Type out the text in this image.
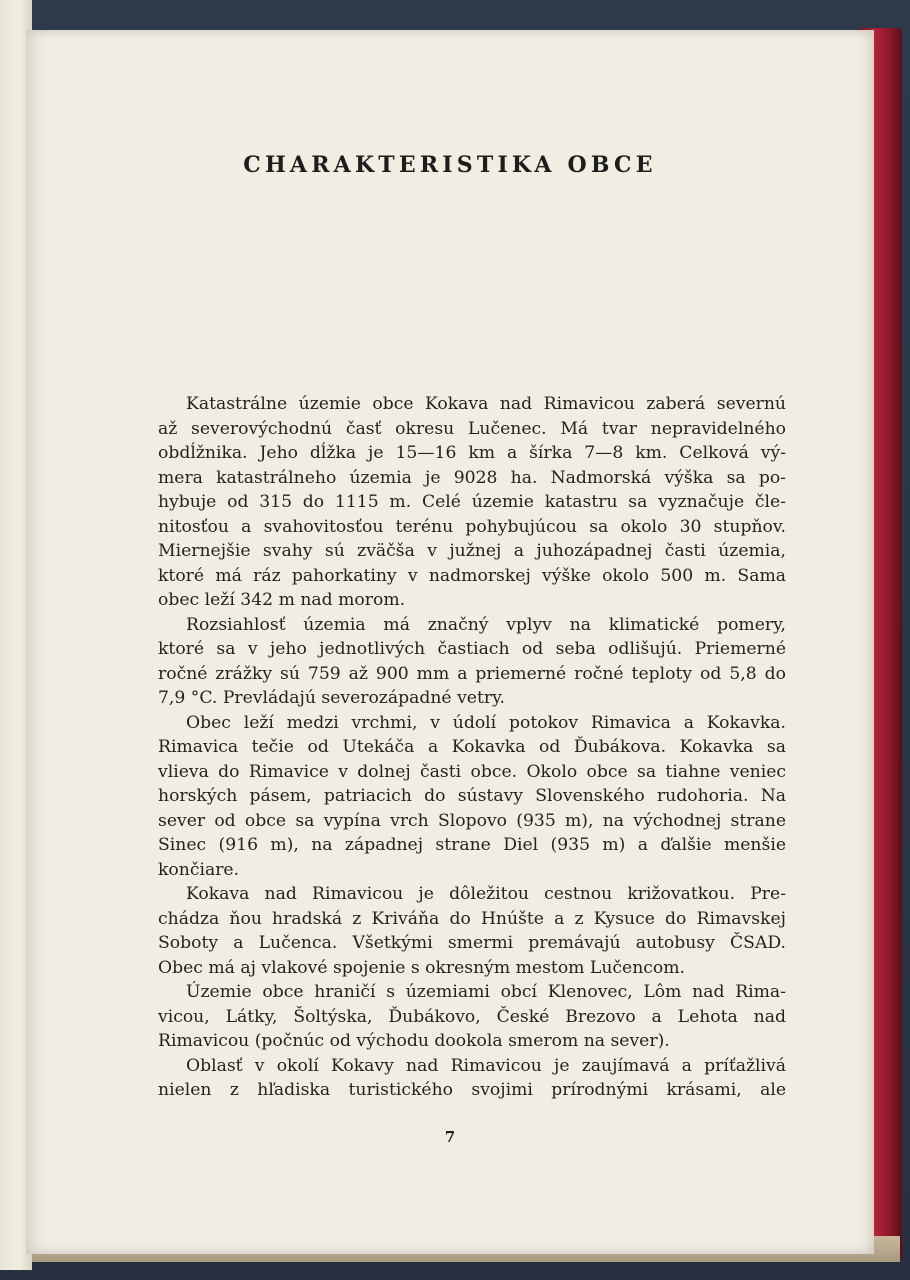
CHARAKTERISTIKA OBCE
Katastrálne územie obce Kokava nad Rimavicou zaberá severnú
až severovýchodnú časť okresu Lučenec. Má tvar nepravidelného
obdĺžnika. Jeho dĺžka je 15—16 km a šírka 7—8 km. Celková vý-
mera katastrálneho územia je 9028 ha. Nadmorská výška sa po-
hybuje od 315 do 1115 m. Celé územie katastru sa vyznačuje čle-
nitosťou a svahovitosťou terénu pohybujúcou sa okolo 30 stupňov.
Miernejšie svahy sú zväčša v južnej a juhozápadnej časti územia,
ktoré má ráz pahorkatiny v nadmorskej výške okolo 500 m. Sama
obec leží 342 m nad morom.
Rozsiahlosť územia má značný vplyv na klimatické pomery,
ktoré sa v jeho jednotlivých častiach od seba odlišujú. Priemerné
ročné zrážky sú 759 až 900 mm a priemerné ročné teploty od 5,8 do
7,9 °C. Prevládajú severozápadné vetry.
Obec leží medzi vrchmi, v údolí potokov Rimavica a Kokavka.
Rimavica tečie od Utekáča a Kokavka od Ďubákova. Kokavka sa
vlieva do Rimavice v dolnej časti obce. Okolo obce sa tiahne veniec
horských pásem, patriacich do sústavy Slovenského rudohoria. Na
sever od obce sa vypína vrch Slopovo (935 m), na východnej strane
Sinec (916 m), na západnej strane Diel (935 m) a ďalšie menšie
končiare.
Kokava nad Rimavicou je dôležitou cestnou križovatkou. Pre-
chádza ňou hradská z Kriváňa do Hnúšte a z Kysuce do Rimavskej
Soboty a Lučenca. Všetkými smermi premávajú autobusy ČSAD.
Obec má aj vlakové spojenie s okresným mestom Lučencom.
Územie obce hraničí s územiami obcí Klenovec, Lôm nad Rima-
vicou, Látky, Šoltýska, Ďubákovo, České Brezovo a Lehota nad
Rimavicou (počnúc od východu dookola smerom na sever).
Oblasť v okolí Kokavy nad Rimavicou je zaujímavá a príťažlivá
nielen z hľadiska turistického svojimi prírodnými krásami, ale
7
